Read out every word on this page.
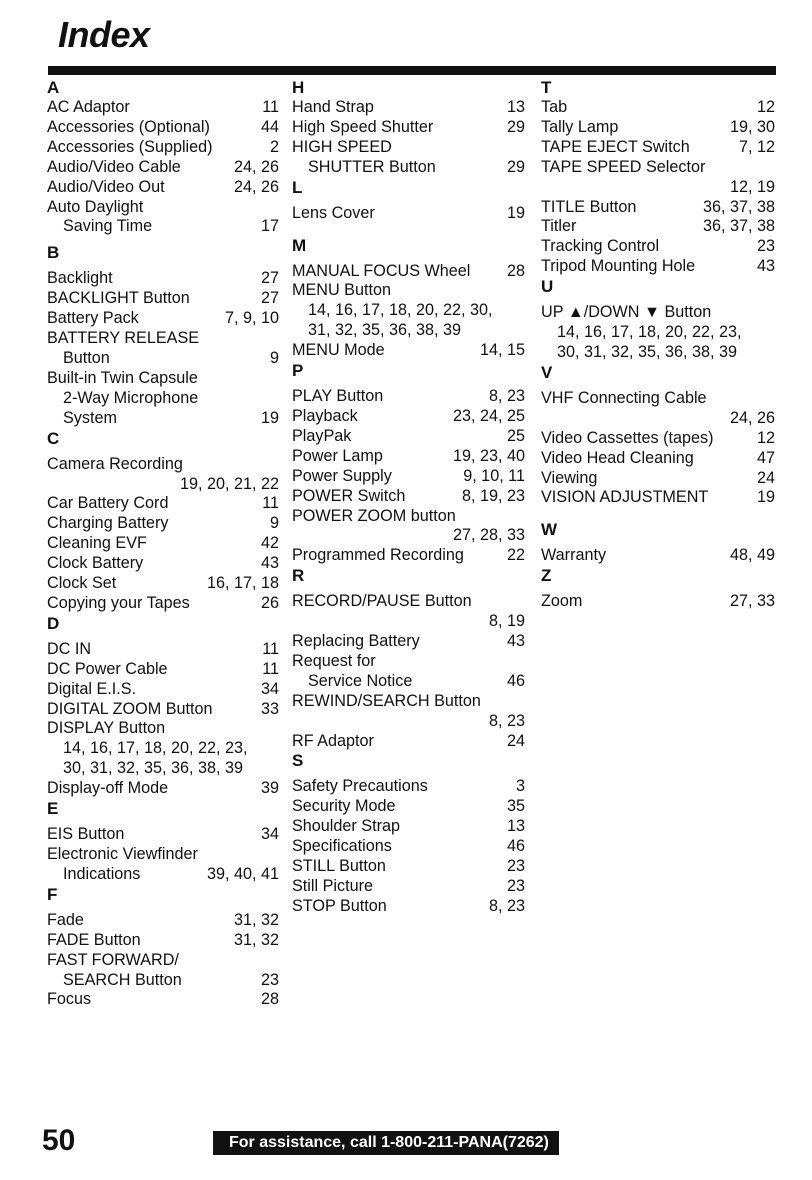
Index
A
AC Adaptor	11
Accessories (Optional)	44
Accessories (Supplied)	2
Audio/Video Cable	24, 26
Audio/Video Out	24, 26
Auto Daylight
Saving Time	17
B
Backlight	27
BACKLIGHT Button	27
Battery Pack	7, 9, 10
BATTERY RELEASE
Button	9
Built-in Twin Capsule
2-Way Microphone
System	19
C
Camera Recording
19, 20, 21, 22
Car Battery Cord	11
Charging Battery	9
Cleaning EVF	42
Clock Battery	43
Clock Set	16, 17, 18
Copying your Tapes	26
D
DC IN	11
DC Power Cable	11
Digital E.I.S.	34
DIGITAL ZOOM Button	33
DISPLAY Button
14, 16, 17, 18, 20, 22, 23,
30, 31, 32, 35, 36, 38, 39
Display-off Mode	39
E
EIS Button	34
Electronic Viewfinder
Indications	39, 40, 41
F
Fade	31, 32
FADE Button	31, 32
FAST FORWARD/
SEARCH Button	23
Focus	28
H
Hand Strap	13
High Speed Shutter	29
HIGH SPEED
SHUTTER Button	29
L
Lens Cover	19
M
MANUAL FOCUS Wheel 28
MENU Button
14, 16, 17, 18, 20, 22, 30,
31, 32, 35, 36, 38, 39
MENU Mode	14, 15
P
PLAY Button	8, 23
Playback	23, 24, 25
PlayPak	25
Power Lamp	19, 23, 40
Power Supply	9, 10, 11
POWER Switch	8, 19, 23
POWER ZOOM button
27, 28, 33
Programmed Recording	22
R
RECORD/PAUSE Button
8, 19
Replacing Battery	43
Request for
Service Notice	46
REWIND/SEARCH Button
8, 23
RF Adaptor	24
S
Safety Precautions	3
Security Mode	35
Shoulder Strap	13
Specifications	46
STILL Button	23
Still Picture	23
STOP Button	8, 23
T
Tab	12
Tally Lamp	19, 30
TAPE EJECT Switch	7, 12
TAPE SPEED Selector
12, 19
TITLE Button	36, 37, 38
Titler	36, 37, 38
Tracking Control	23
Tripod Mounting Hole	43
U
UP ▲/DOWN ▼ Button
14, 16, 17, 18, 20, 22, 23,
30, 31, 32, 35, 36, 38, 39
V
VHF Connecting Cable
24, 26
Video Cassettes (tapes)	12
Video Head Cleaning	47
Viewing	24
VISION ADJUSTMENT	19
W
Warranty	48, 49
Z
Zoom	27, 33
50	For assistance, call 1-800-211-PANA(7262)
